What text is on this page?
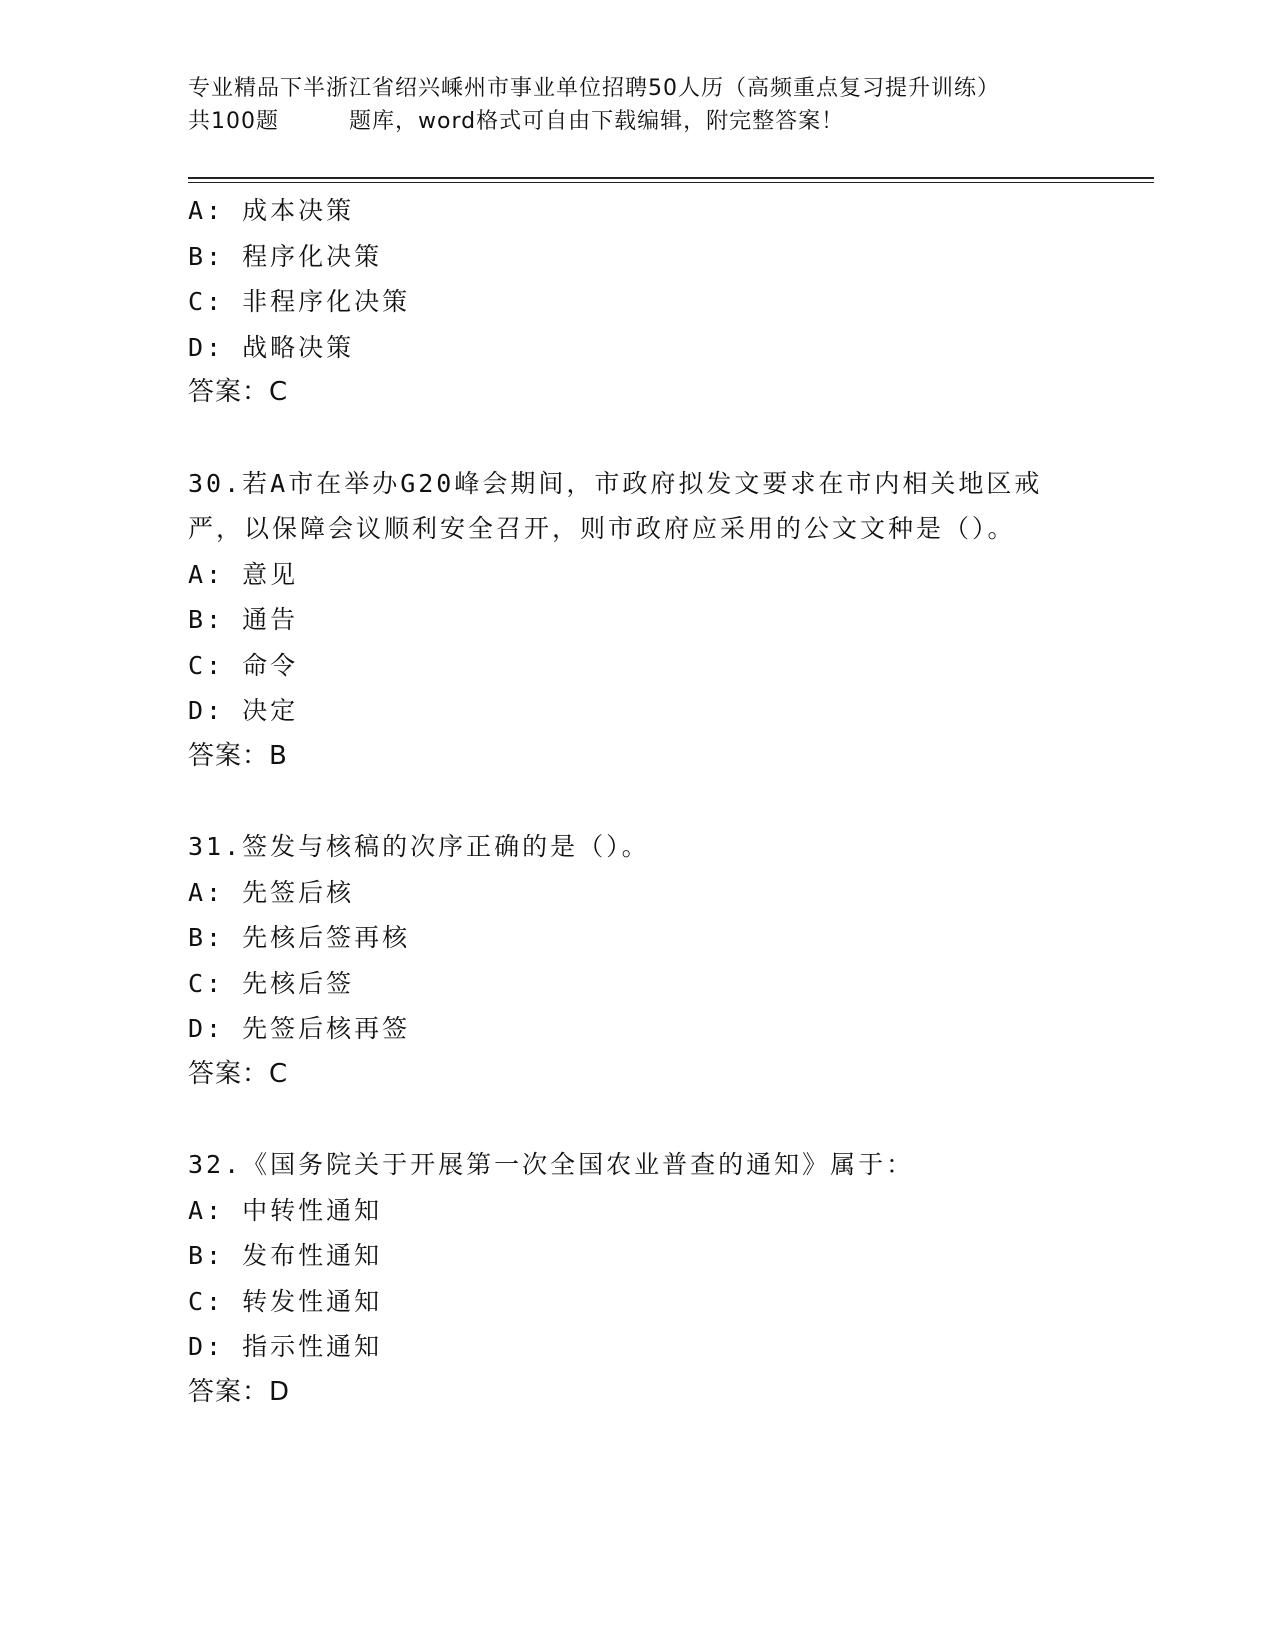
专业精品下半浙江省绍兴嵊州市事业单位招聘50人历（高频重点复习提升训练）
共100题	题库，word格式可自由下载编辑，附完整答案！
A: 成本决策
B: 程序化决策
C: 非程序化决策
D: 战略决策
答案：C
30.若A市在举办G20峰会期间，市政府拟发文要求在市内相关地区戒
严，以保障会议顺利安全召开，则市政府应采用的公文文种是（）。
A: 意见
B: 通告
C: 命令
D: 决定
答案：B
31.签发与核稿的次序正确的是（）。
A: 先签后核
B: 先核后签再核
C: 先核后签
D: 先签后核再签
答案：C
32.《国务院关于开展第一次全国农业普查的通知》属于：
A: 中转性通知
B: 发布性通知
C: 转发性通知
D: 指示性通知
答案：D
